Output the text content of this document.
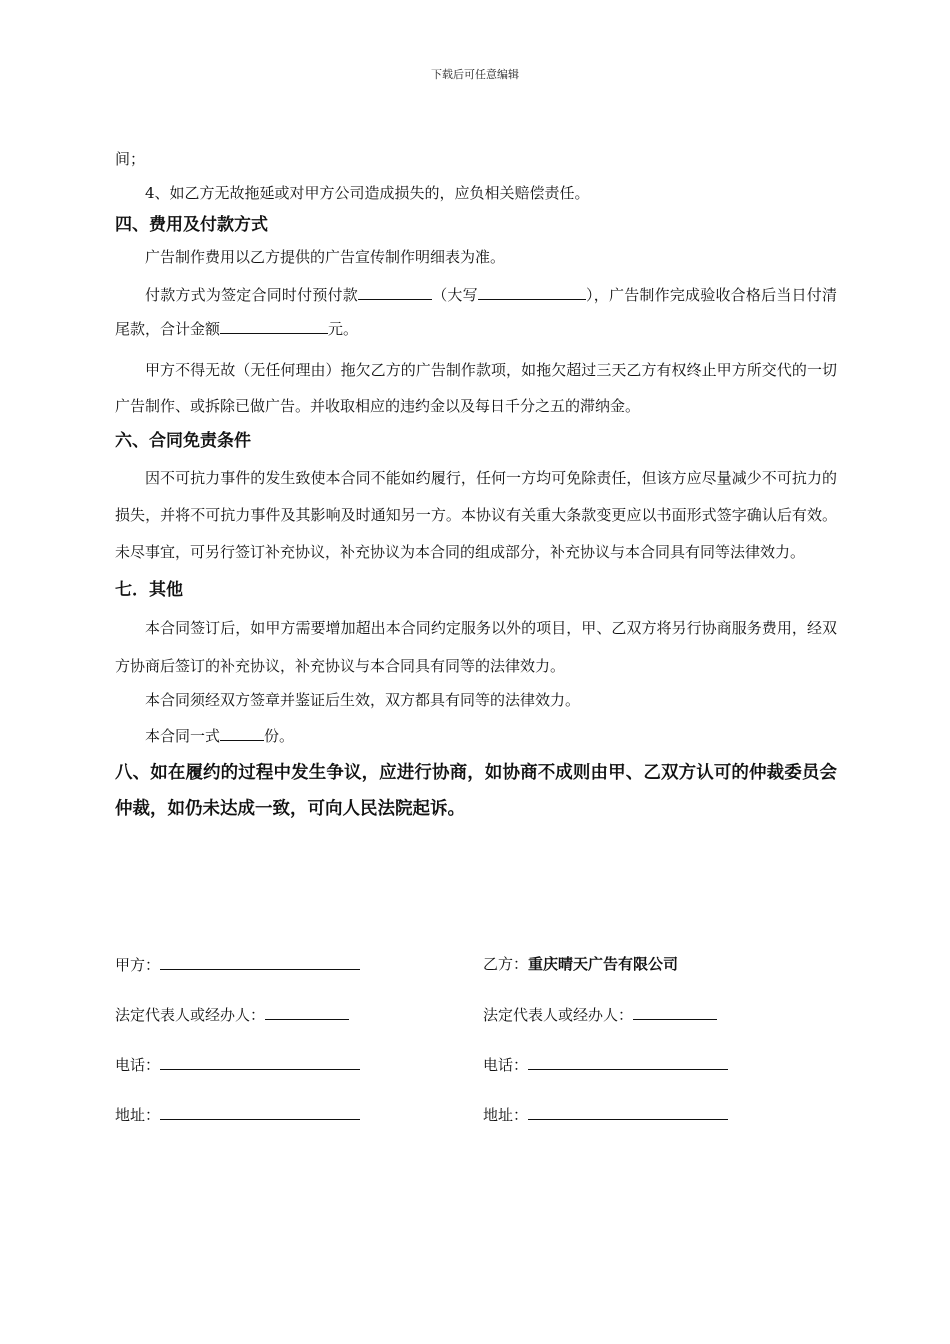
下载后可任意编辑

间；

4、如乙方无故拖延或对甲方公司造成损失的，应负相关赔偿责任。

四、费用及付款方式

广告制作费用以乙方提供的广告宣传制作明细表为准。

付款方式为签定合同时付预付款	（大写	），广告制作完成验收合格后当日付清尾款，合计金额	元。

甲方不得无故（无任何理由）拖欠乙方的广告制作款项，如拖欠超过三天乙方有权终止甲方所交代的一切广告制作、或拆除已做广告。并收取相应的违约金以及每日千分之五的滞纳金。

六、合同免责条件

因不可抗力事件的发生致使本合同不能如约履行，任何一方均可免除责任，但该方应尽量减少不可抗力的损失，并将不可抗力事件及其影响及时通知另一方。本协议有关重大条款变更应以书面形式签字确认后有效。未尽事宜，可另行签订补充协议，补充协议为本合同的组成部分，补充协议与本合同具有同等法律效力。

七．其他

本合同签订后，如甲方需要增加超出本合同约定服务以外的项目，甲、乙双方将另行协商服务费用，经双方协商后签订的补充协议，补充协议与本合同具有同等的法律效力。

本合同须经双方签章并鉴证后生效，双方都具有同等的法律效力。

本合同一式	份。

八、如在履约的过程中发生争议，应进行协商，如协商不成则由甲、乙双方认可的仲裁委员会仲裁，如仍未达成一致，可向人民法院起诉。

甲方：	乙方：重庆晴天广告有限公司
法定代表人或经办人：	法定代表人或经办人：
电话：	电话：
地址：	地址：
